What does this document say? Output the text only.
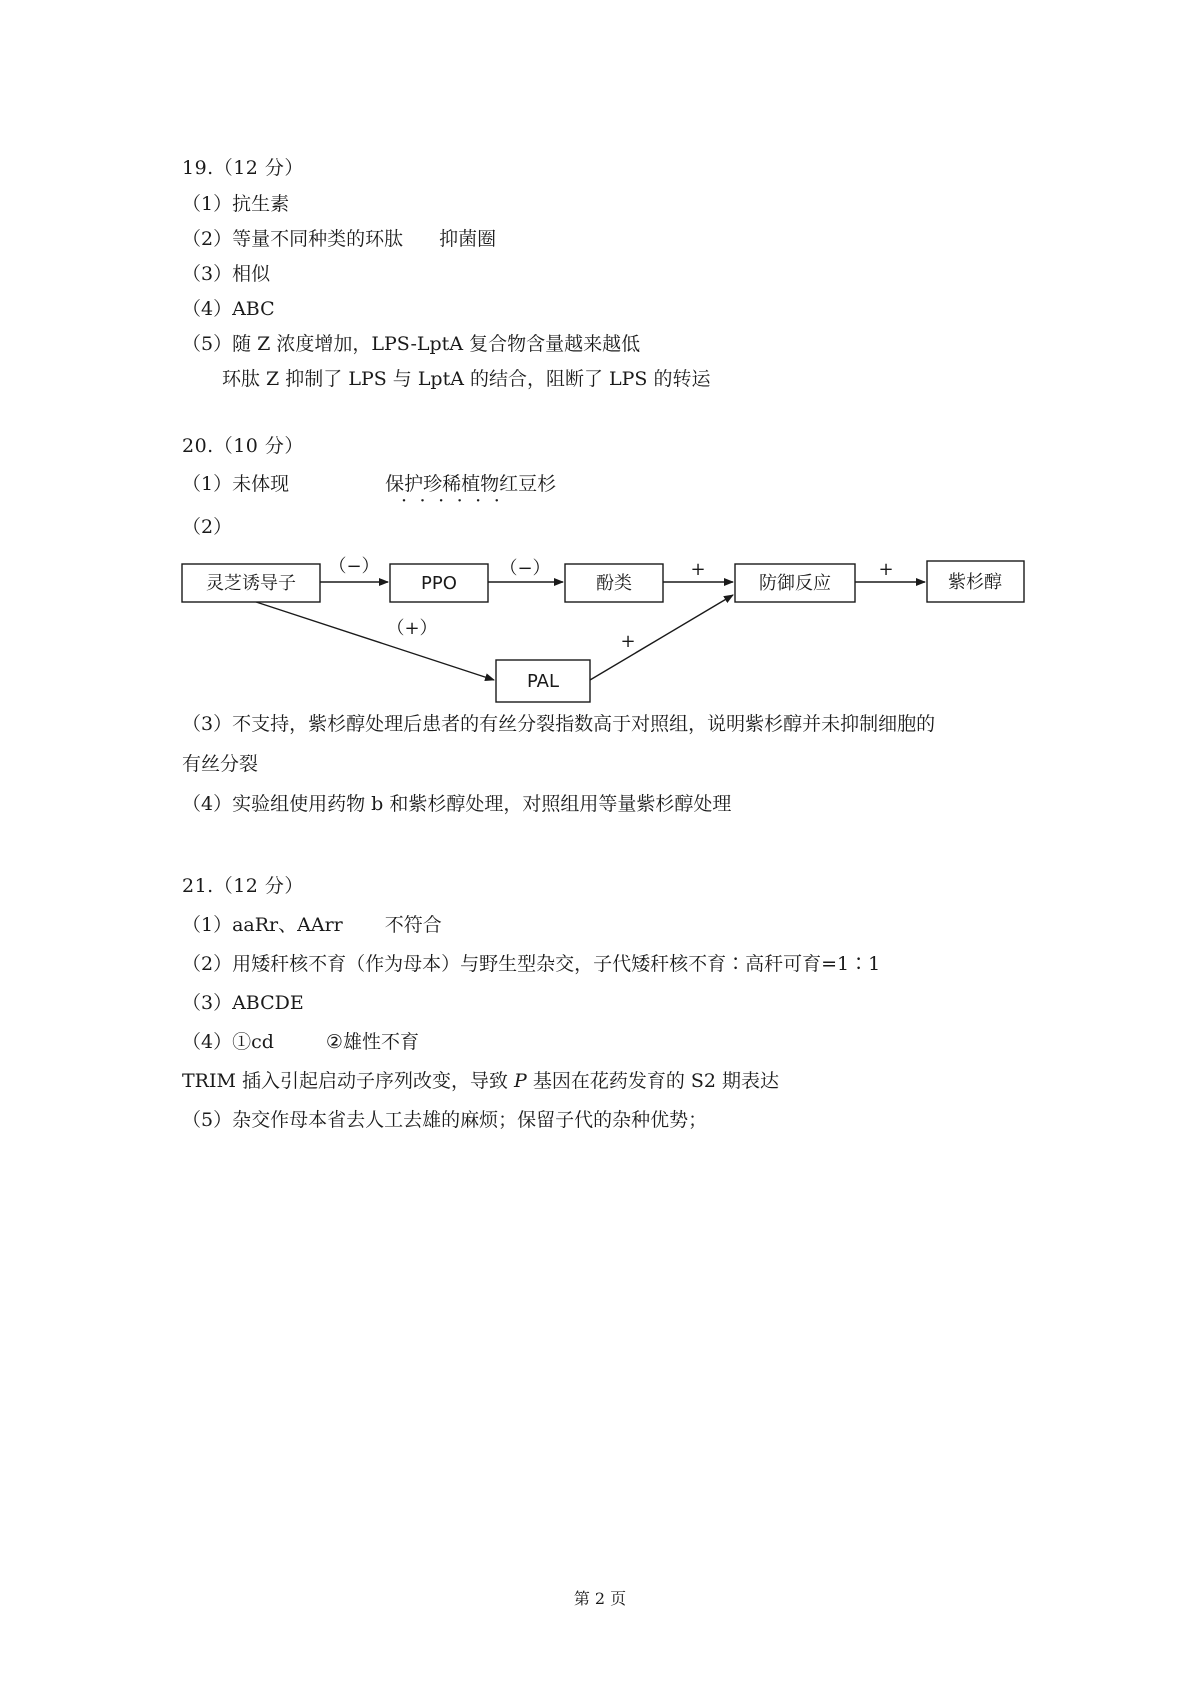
19.（12 分）
（1）抗生素
（2）等量不同种类的环肽 抑菌圈
（3）相似
（4）ABC
（5）随 Z 浓度增加，LPS-LptA 复合物含量越来越低
环肽 Z 抑制了 LPS 与 LptA 的结合，阻断了 LPS 的转运
20.（10 分）
（1）未体现	保护珍稀植物红豆杉
······
（2）
（−）	（−）	+	+
（+）
+
灵芝诱导子	PPO	酚类	防御反应	紫杉醇
PAL
（3）不支持，紫杉醇处理后患者的有丝分裂指数高于对照组，说明紫杉醇并未抑制细胞的
有丝分裂
（4）实验组使用药物 b 和紫杉醇处理，对照组用等量紫杉醇处理
21.（12 分）
（1）aaRr、AArr 不符合
（2）用矮秆核不育（作为母本）与野生型杂交，子代矮秆核不育∶高秆可育=1∶1
（3）ABCDE
（4）①cd	②雄性不育
TRIM 插入引起启动子序列改变，导致 P 基因在花药发育的 S2 期表达
（5）杂交作母本省去人工去雄的麻烦；保留子代的杂种优势；
第 2 页
